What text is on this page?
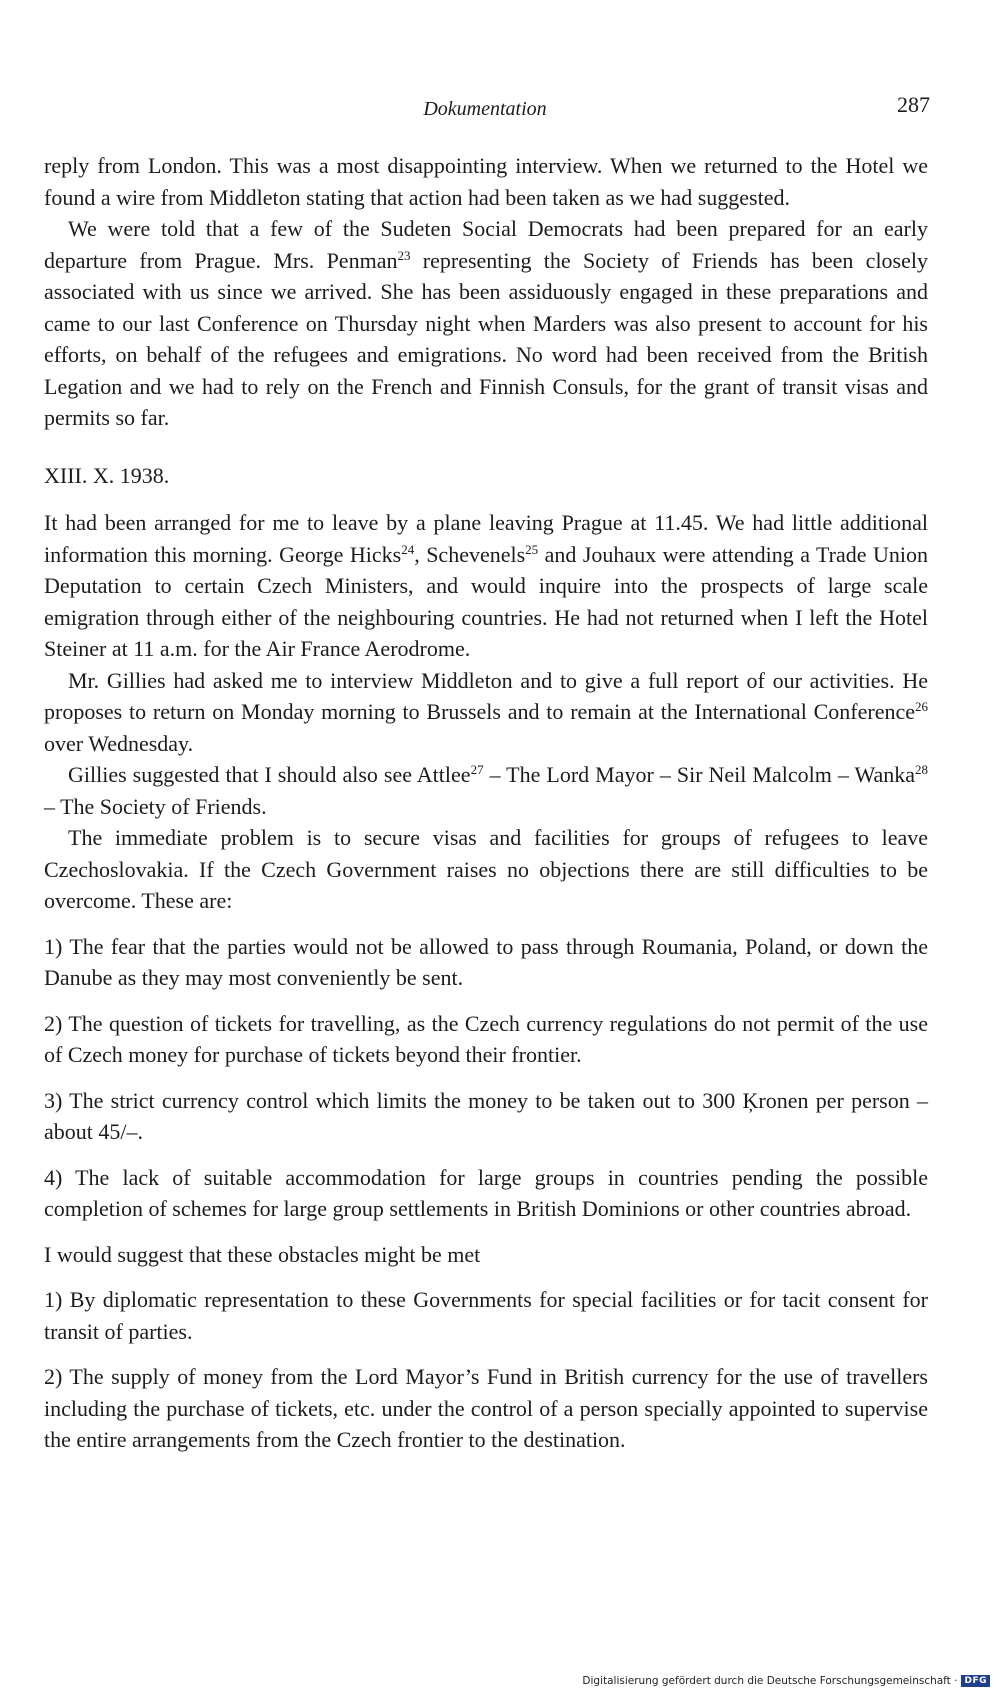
Dokumentation	287

reply from London. This was a most disappointing interview. When we returned to the Hotel we found a wire from Middleton stating that action had been taken as we had suggested.

We were told that a few of the Sudeten Social Democrats had been prepared for an early departure from Prague. Mrs. Penman$^{23}$ representing the Society of Friends has been closely associated with us since we arrived. She has been assiduously engaged in these preparations and came to our last Conference on Thursday night when Marders was also present to account for his efforts, on behalf of the refugees and emigrations. No word had been received from the British Legation and we had to rely on the French and Finnish Consuls, for the grant of transit visas and permits so far.

XIII. X. 1938.

It had been arranged for me to leave by a plane leaving Prague at 11.45. We had little additional information this morning. George Hicks$^{24}$, Schevenels$^{25}$ and Jouhaux were attending a Trade Union Deputation to certain Czech Ministers, and would inquire into the prospects of large scale emigration through either of the neighbouring countries. He had not returned when I left the Hotel Steiner at 11 a.m. for the Air France Aerodrome.

Mr. Gillies had asked me to interview Middleton and to give a full report of our activities. He proposes to return on Monday morning to Brussels and to remain at the International Conference$^{26}$ over Wednesday.

Gillies suggested that I should also see Attlee$^{27}$ – The Lord Mayor – Sir Neil Malcolm – Wanka$^{28}$ – The Society of Friends.

The immediate problem is to secure visas and facilities for groups of refugees to leave Czechoslovakia. If the Czech Government raises no objections there are still difficulties to be overcome. These are:

1) The fear that the parties would not be allowed to pass through Roumania, Poland, or down the Danube as they may most conveniently be sent.

2) The question of tickets for travelling, as the Czech currency regulations do not permit of the use of Czech money for purchase of tickets beyond their frontier.

3) The strict currency control which limits the money to be taken out to 300 Ķronen per person – about 45/–.

4) The lack of suitable accommodation for large groups in countries pending the possible completion of schemes for large group settlements in British Dominions or other countries abroad.

I would suggest that these obstacles might be met

1) By diplomatic representation to these Governments for special facilities or for tacit consent for transit of parties.

2) The supply of money from the Lord Mayor’s Fund in British currency for the use of travellers including the purchase of tickets, etc. under the control of a person specially appointed to supervise the entire arrangements from the Czech frontier to the destination.

Digitalisierung gefördert durch die Deutsche Forschungsgemeinschaft · DFG
